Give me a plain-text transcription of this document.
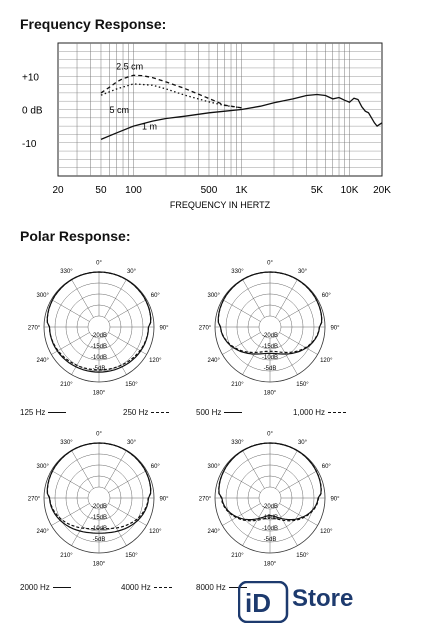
Frequency Response:
20	50 100	500 1K	5K 10K 20K
+10
0 dB
-10
FREQUENCY IN HERTZ
1 m
2.5 cm
5 cm
Polar Response:
0°
30°
60°
90°
120°
150°
180°
210°
240°
270°
300°
330°
-5dB
-10dB
-15dB
-20dB
0°
30°
60°
90°
120°
150°
180°
210°
240°
270°
300°
330°
-5dB
-10dB
-15dB
-20dB
0°
30°
60°
90°
120°
150°
180°
210°
240°
270°
300°
330°
-5dB
-10dB
-15dB
-20dB
0°
30°
60°
90°
120°
150°
180°
210°
240°
270°
300°
330°
-5dB
-10dB
-15dB
-20dB
125 Hz	250 Hz	500 Hz	1,000 Hz
2000 Hz	4000 Hz	8000 Hz
iD Store
